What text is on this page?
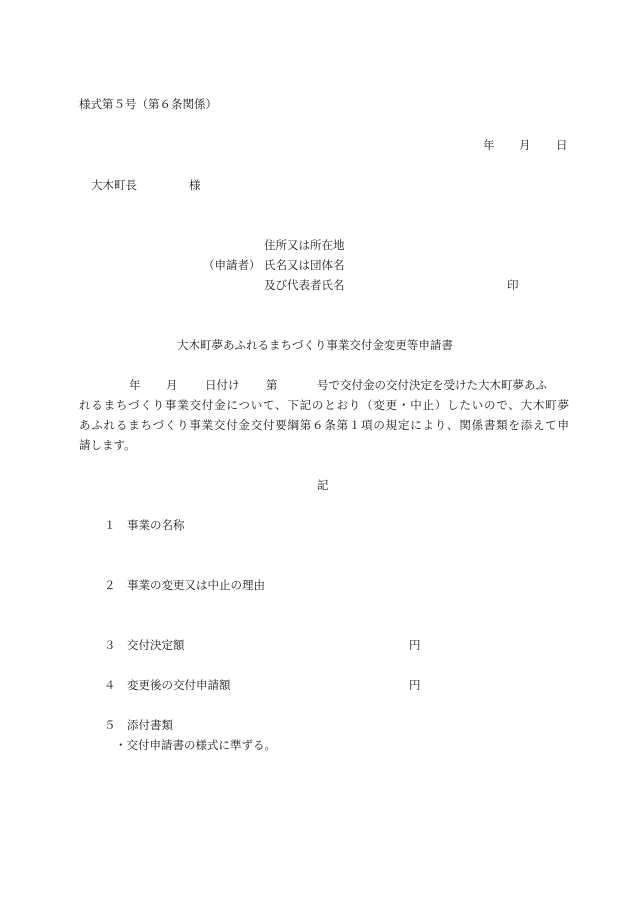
様式第５号（第６条関係）
年 月 日
大木町長	様
住所又は所在地
（申請者） 氏名又は団体名
及び代表者氏名	印
大木町夢あふれるまちづくり事業交付金変更等申請書
年 月 日付け 第	号で交付金の交付決定を受けた大木町夢あふ
れるまちづくり事業交付金について、下記のとおり（変更・中止）したいので、大木町夢
あふれるまちづくり事業交付金交付要綱第６条第１項の規定により、関係書類を添えて申
請します。
記
１ 事業の名称
２ 事業の変更又は中止の理由
３ 交付決定額	円
４ 変更後の交付申請額	円
５ 添付書類
・交付申請書の様式に準ずる。
